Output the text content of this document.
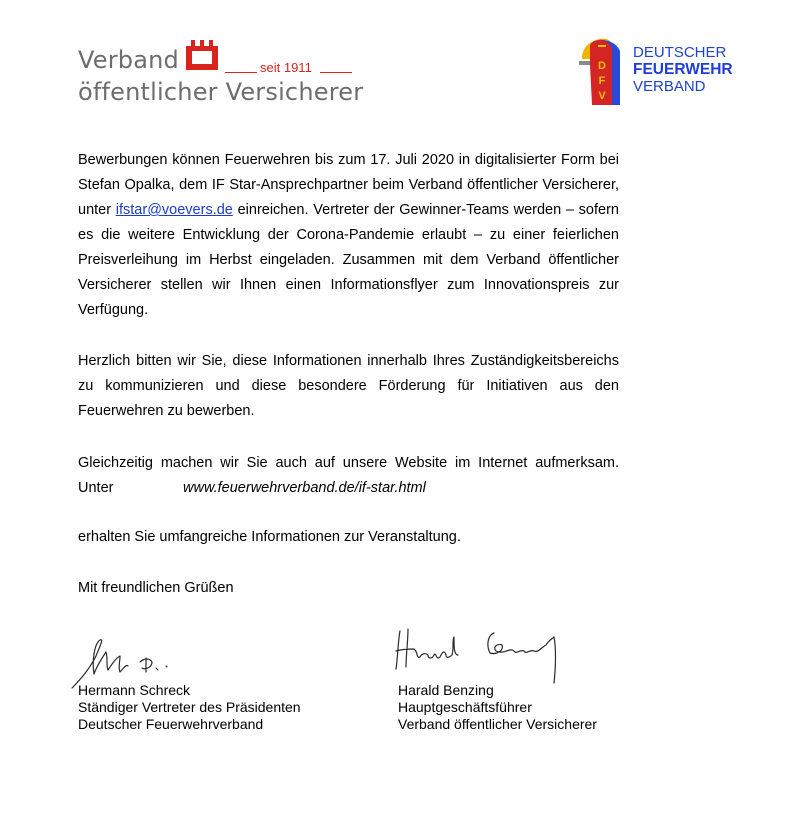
Verband	seit 1911
öffentlicher Versicherer
D
F
V
DEUTSCHER
FEUERWEHR
VERBAND
Bewerbungen können Feuerwehren bis zum 17. Juli 2020 in digitalisierter Form bei Stefan Opalka, dem IF Star-Ansprechpartner beim Verband öffentlicher Versicherer, unter ifstar@voevers.de einreichen. Vertreter der Gewinner-Teams werden – sofern es die weitere Entwicklung der Corona-Pandemie erlaubt – zu einer feierlichen Preisverleihung im Herbst eingeladen. Zusammen mit dem Verband öffentlicher Versicherer stellen wir Ihnen einen Informationsflyer zum Innovationspreis zur Verfügung.
Herzlich bitten wir Sie, diese Informationen innerhalb Ihres Zuständigkeitsbereichs zu kommunizieren und diese besondere Förderung für Initiativen aus den Feuerwehren zu bewerben.
Gleichzeitig machen wir Sie auch auf unsere Website im Internet aufmerksam. Unter	www.feuerwehrverband.de/if-star.html
erhalten Sie umfangreiche Informationen zur Veranstaltung.
Mit freundlichen Grüßen
Hermann Schreck
Ständiger Vertreter des Präsidenten
Deutscher Feuerwehrverband
Harald Benzing
Hauptgeschäftsführer
Verband öffentlicher Versicherer
